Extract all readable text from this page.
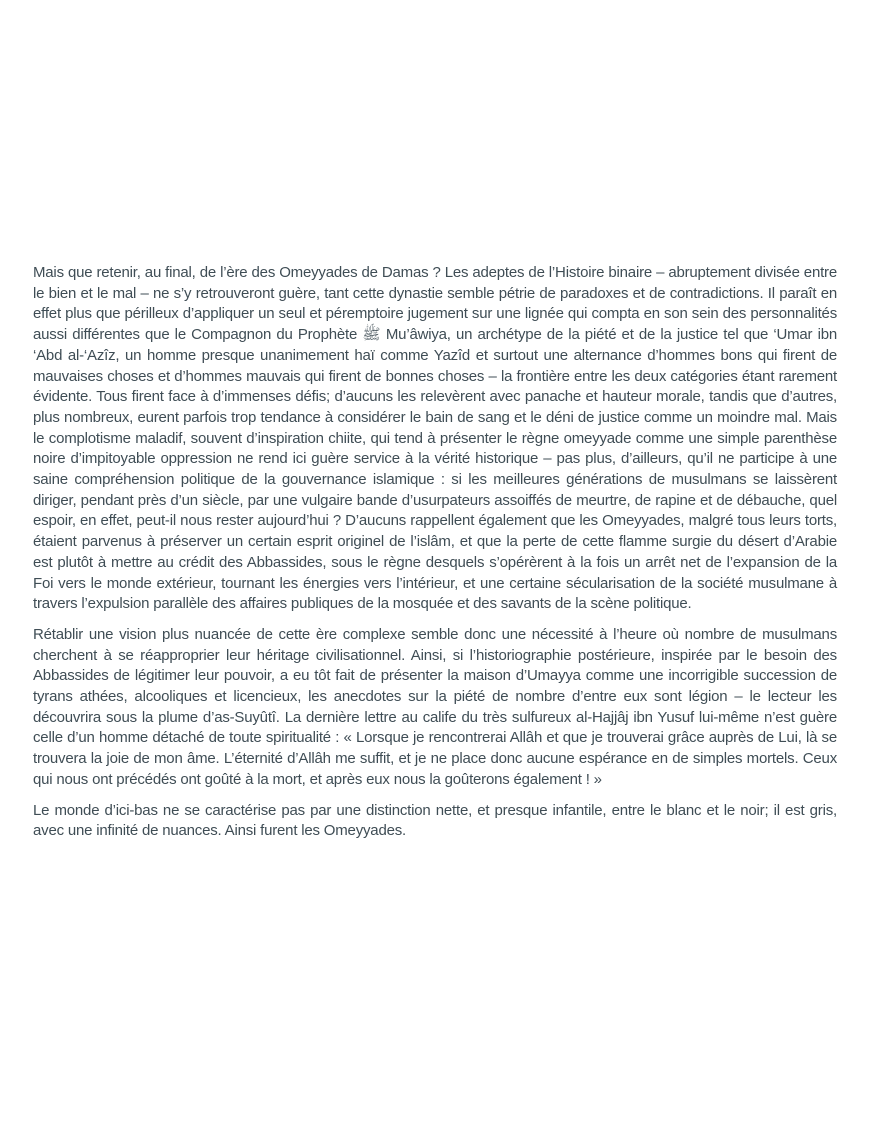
Mais que retenir, au final, de l’ère des Omeyyades de Damas ? Les adeptes de l’Histoire binaire – abruptement divisée entre le bien et le mal – ne s’y retrouveront guère, tant cette dynastie semble pétrie de paradoxes et de contradictions. Il paraît en effet plus que périlleux d’appliquer un seul et péremptoire jugement sur une lignée qui compta en son sein des personnalités aussi différentes que le Compagnon du Prophète ﷺ Mu’âwiya, un archétype de la piété et de la justice tel que ‘Umar ibn ‘Abd al-‘Azîz, un homme presque unanimement haï comme Yazîd et surtout une alternance d’hommes bons qui firent de mauvaises choses et d’hommes mauvais qui firent de bonnes choses – la frontière entre les deux catégories étant rarement évidente. Tous firent face à d’immenses défis; d’aucuns les relevèrent avec panache et hauteur morale, tandis que d’autres, plus nombreux, eurent parfois trop tendance à considérer le bain de sang et le déni de justice comme un moindre mal. Mais le complotisme maladif, souvent d’inspiration chiite, qui tend à présenter le règne omeyyade comme une simple parenthèse noire d’impitoyable oppression ne rend ici guère service à la vérité historique – pas plus, d’ailleurs, qu’il ne participe à une saine compréhension politique de la gouvernance islamique : si les meilleures générations de musulmans se laissèrent diriger, pendant près d’un siècle, par une vulgaire bande d’usurpateurs assoiffés de meurtre, de rapine et de débauche, quel espoir, en effet, peut-il nous rester aujourd’hui ? D’aucuns rappellent également que les Omeyyades, malgré tous leurs torts, étaient parvenus à préserver un certain esprit originel de l’islâm, et que la perte de cette flamme surgie du désert d’Arabie est plutôt à mettre au crédit des Abbassides, sous le règne desquels s’opérèrent à la fois un arrêt net de l’expansion de la Foi vers le monde extérieur, tournant les énergies vers l’intérieur, et une certaine sécularisation de la société musulmane à travers l’expulsion parallèle des affaires publiques de la mosquée et des savants de la scène politique.

Rétablir une vision plus nuancée de cette ère complexe semble donc une nécessité à l’heure où nombre de musulmans cherchent à se réapproprier leur héritage civilisationnel. Ainsi, si l’historiographie postérieure, inspirée par le besoin des Abbassides de légitimer leur pouvoir, a eu tôt fait de présenter la maison d’Umayya comme une incorrigible succession de tyrans athées, alcooliques et licencieux, les anecdotes sur la piété de nombre d’entre eux sont légion – le lecteur les découvrira sous la plume d’as-Suyûtî. La dernière lettre au calife du très sulfureux al-Hajjâj ibn Yusuf lui-même n’est guère celle d’un homme détaché de toute spiritualité : « Lorsque je rencontrerai Allâh et que je trouverai grâce auprès de Lui, là se trouvera la joie de mon âme. L’éternité d’Allâh me suffit, et je ne place donc aucune espérance en de simples mortels. Ceux qui nous ont précédés ont goûté à la mort, et après eux nous la goûterons également ! »

Le monde d’ici-bas ne se caractérise pas par une distinction nette, et presque infantile, entre le blanc et le noir; il est gris, avec une infinité de nuances. Ainsi furent les Omeyyades.
